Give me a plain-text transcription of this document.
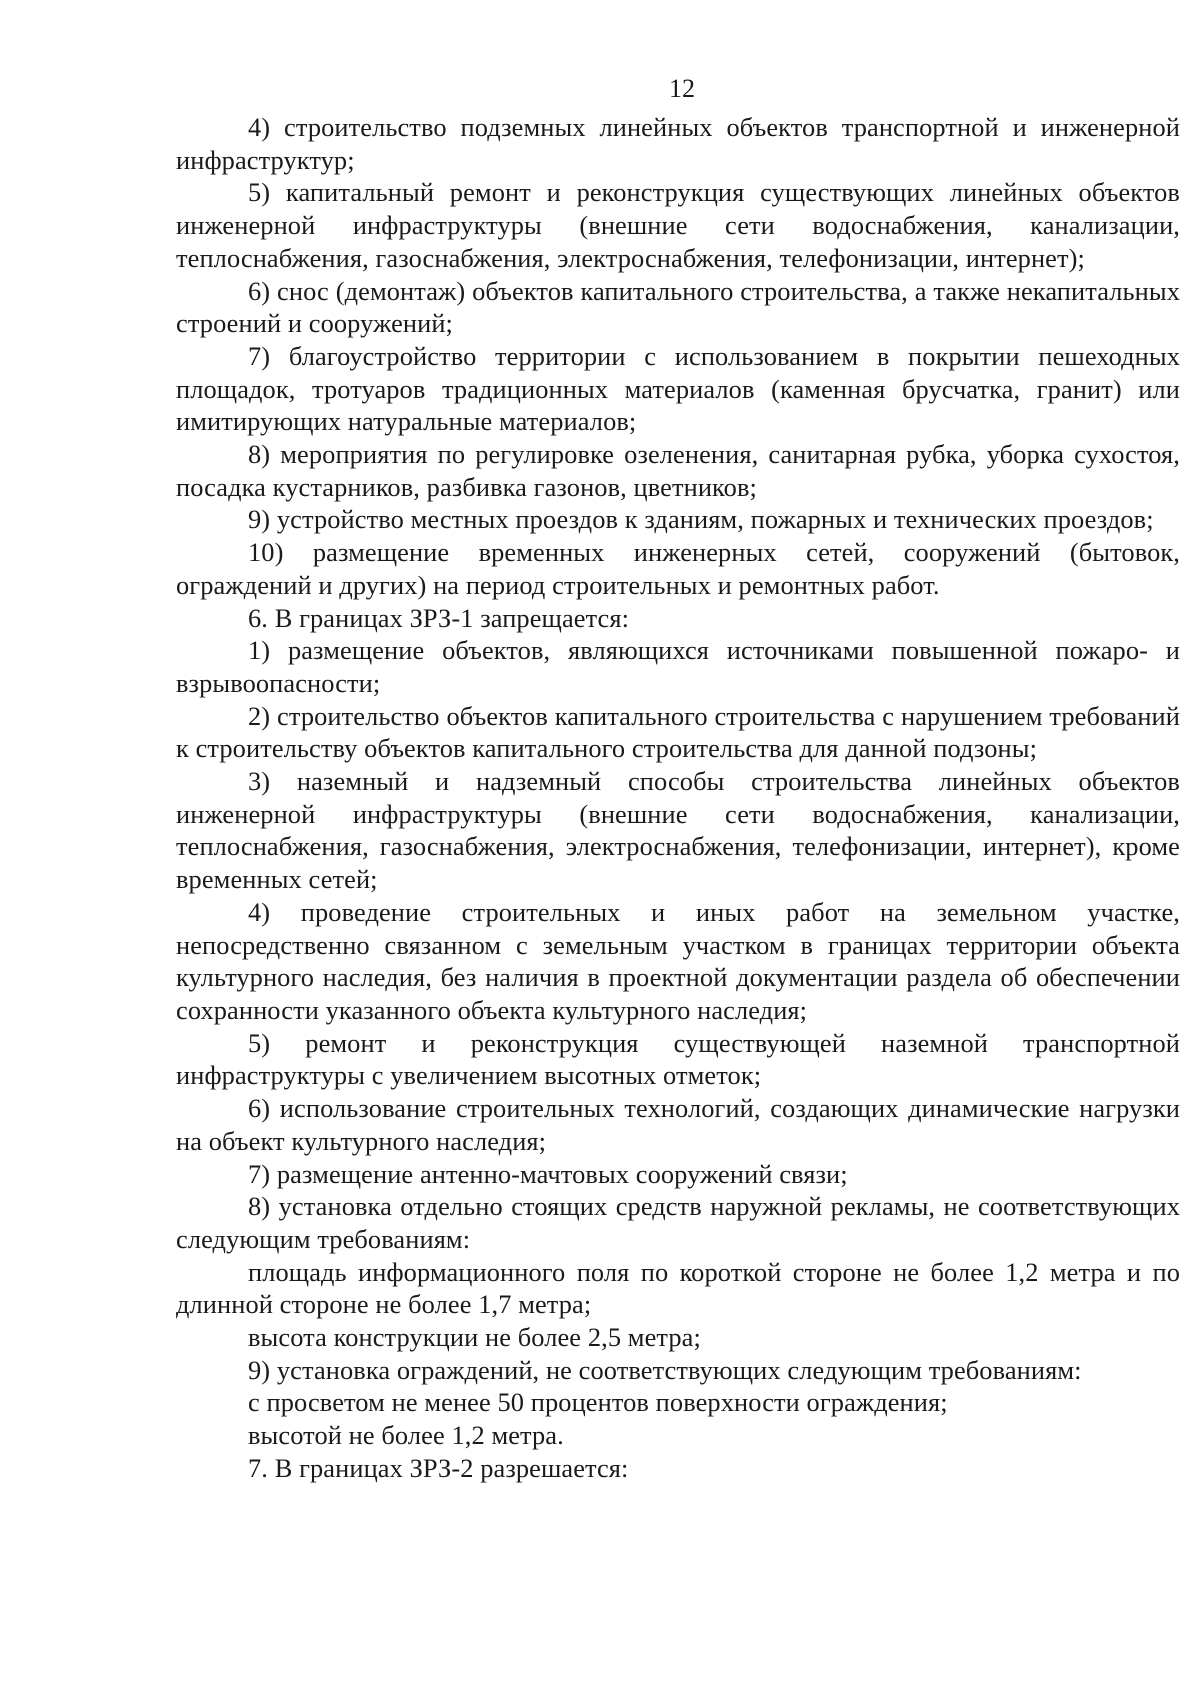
12

4) строительство подземных линейных объектов транспортной и инженерной инфраструктур;

5) капитальный ремонт и реконструкция существующих линейных объектов инженерной инфраструктуры (внешние сети водоснабжения, канализации, теплоснабжения, газоснабжения, электроснабжения, телефонизации, интернет);

6) снос (демонтаж) объектов капитального строительства, а также некапитальных строений и сооружений;

7) благоустройство территории с использованием в покрытии пешеходных площадок, тротуаров традиционных материалов (каменная брусчатка, гранит) или имитирующих натуральные материалов;

8) мероприятия по регулировке озеленения, санитарная рубка, уборка сухостоя, посадка кустарников, разбивка газонов, цветников;

9) устройство местных проездов к зданиям, пожарных и технических проездов;

10) размещение временных инженерных сетей, сооружений (бытовок, ограждений и других) на период строительных и ремонтных работ.

6. В границах ЗРЗ-1 запрещается:

1) размещение объектов, являющихся источниками повышенной пожаро- и взрывоопасности;

2) строительство объектов капитального строительства с нарушением требований к строительству объектов капитального строительства для данной подзоны;

3) наземный и надземный способы строительства линейных объектов инженерной инфраструктуры (внешние сети водоснабжения, канализации, теплоснабжения, газоснабжения, электроснабжения, телефонизации, интернет), кроме временных сетей;

4) проведение строительных и иных работ на земельном участке, непосредственно связанном с земельным участком в границах территории объекта культурного наследия, без наличия в проектной документации раздела об обеспечении сохранности указанного объекта культурного наследия;

5) ремонт и реконструкция существующей наземной транспортной инфраструктуры с увеличением высотных отметок;

6) использование строительных технологий, создающих динамические нагрузки на объект культурного наследия;

7) размещение антенно-мачтовых сооружений связи;

8) установка отдельно стоящих средств наружной рекламы, не соответствующих следующим требованиям:

площадь информационного поля по короткой стороне не более 1,2 метра и по длинной стороне не более 1,7 метра;

высота конструкции не более 2,5 метра;

9) установка ограждений, не соответствующих следующим требованиям:

с просветом не менее 50 процентов поверхности ограждения;

высотой не более 1,2 метра.

7. В границах ЗРЗ-2 разрешается:
